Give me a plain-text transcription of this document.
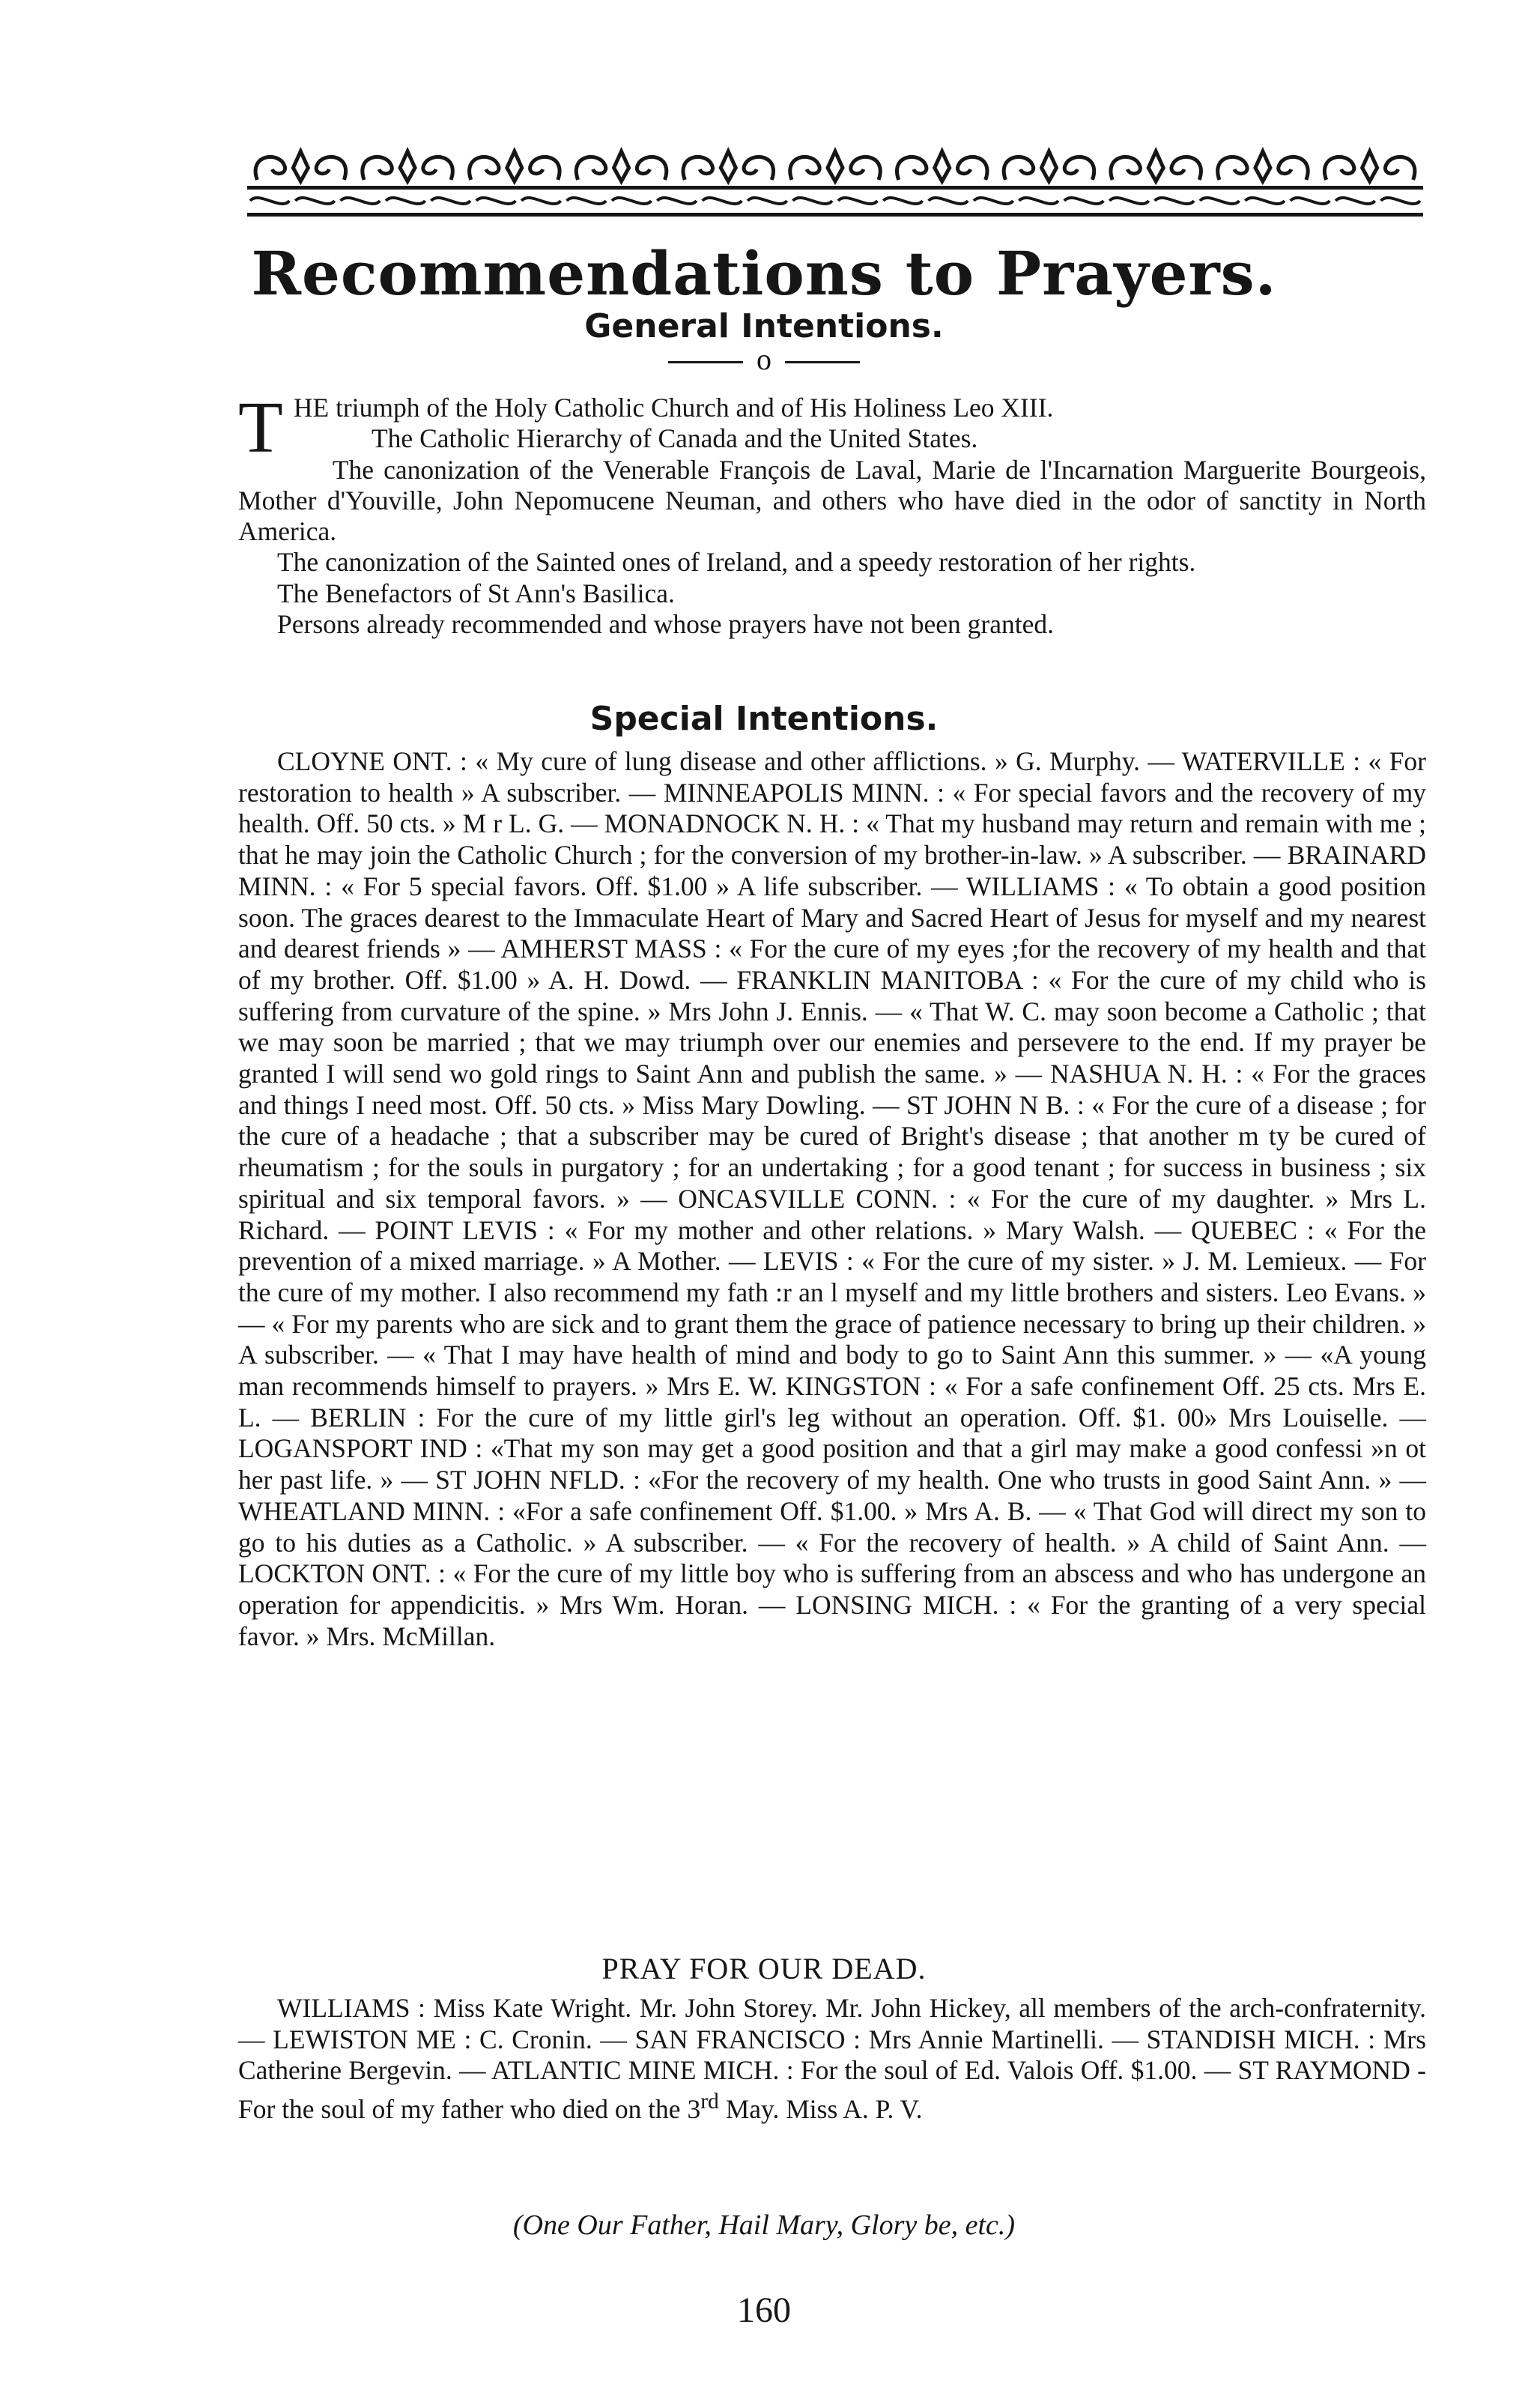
Recommendations to Prayers.
General Intentions.
o

THE triumph of the Holy Catholic Church and of His Holiness Leo XIII.

The Catholic Hierarchy of Canada and the United States.

The canonization of the Venerable François de Laval, Marie de l'Incarnation Marguerite Bourgeois, Mother d'Youville, John Nepomucene Neuman, and others who have died in the odor of sanctity in North America.

The canonization of the Sainted ones of Ireland, and a speedy restoration of her rights.

The Benefactors of St Ann's Basilica.

Persons already recommended and whose prayers have not been granted.

Special Intentions.

CLOYNE ONT. : « My cure of lung disease and other afflictions. » G. Murphy. — WATERVILLE : « For restoration to health » A subscriber. — MINNEAPOLIS MINN. : « For special favors and the recovery of my health. Off. 50 cts. » M r L. G. — MONADNOCK N. H. : « That my husband may return and remain with me ; that he may join the Catholic Church ; for the conversion of my brother-in-law. » A subscriber. — BRAINARD MINN. : « For 5 special favors. Off. $1.00 » A life subscriber. — WILLIAMS : « To obtain a good position soon. The graces dearest to the Immaculate Heart of Mary and Sacred Heart of Jesus for myself and my nearest and dearest friends » — AMHERST MASS : « For the cure of my eyes ;for the recovery of my health and that of my brother. Off. $1.00 » A. H. Dowd. — FRANKLIN MANITOBA : « For the cure of my child who is suffering from curvature of the spine. » Mrs John J. Ennis. — « That W. C. may soon become a Catholic ; that we may soon be married ; that we may triumph over our enemies and persevere to the end. If my prayer be granted I will send wo gold rings to Saint Ann and publish the same. » — NASHUA N. H. : « For the graces and things I need most. Off. 50 cts. » Miss Mary Dowling. — ST JOHN N B. : « For the cure of a disease ; for the cure of a headache ; that a subscriber may be cured of Bright's disease ; that another m ty be cured of rheumatism ; for the souls in purgatory ; for an undertaking ; for a good tenant ; for success in business ; six spiritual and six temporal favors. » — ONCASVILLE CONN. : « For the cure of my daughter. » Mrs L. Richard. — POINT LEVIS : « For my mother and other relations. » Mary Walsh. — QUEBEC : « For the prevention of a mixed marriage. » A Mother. — LEVIS : « For the cure of my sister. » J. M. Lemieux. — For the cure of my mother. I also recommend my fath :r an l myself and my little brothers and sisters. Leo Evans. » — « For my parents who are sick and to grant them the grace of patience necessary to bring up their children. » A subscriber. — « That I may have health of mind and body to go to Saint Ann this summer. » — «A young man recommends himself to prayers. » Mrs E. W. KINGSTON : « For a safe confinement Off. 25 cts. Mrs E. L. — BERLIN : For the cure of my little girl's leg without an operation. Off. $1. 00» Mrs Louiselle. — LOGANSPORT IND : «That my son may get a good position and that a girl may make a good confessi »n ot her past life. » — ST JOHN NFLD. : «For the recovery of my health. One who trusts in good Saint Ann. » — WHEATLAND MINN. : «For a safe confinement Off. $1.00. » Mrs A. B. — « That God will direct my son to go to his duties as a Catholic. » A subscriber. — « For the recovery of health. » A child of Saint Ann. — LOCKTON ONT. : « For the cure of my little boy who is suffering from an abscess and who has undergone an operation for appendicitis. » Mrs Wm. Horan. — LONSING MICH. : « For the granting of a very special favor. » Mrs. McMillan.

PRAY FOR OUR DEAD.

WILLIAMS : Miss Kate Wright. Mr. John Storey. Mr. John Hickey, all members of the arch-confraternity. — LEWISTON ME : C. Cronin. — SAN FRANCISCO : Mrs Annie Martinelli. — STANDISH MICH. : Mrs Catherine Bergevin. — ATLANTIC MINE MICH. : For the soul of Ed. Valois Off. $1.00. — ST RAYMOND - For the soul of my father who died on the 3rd May. Miss A. P. V.

(One Our Father, Hail Mary, Glory be, etc.)
160
